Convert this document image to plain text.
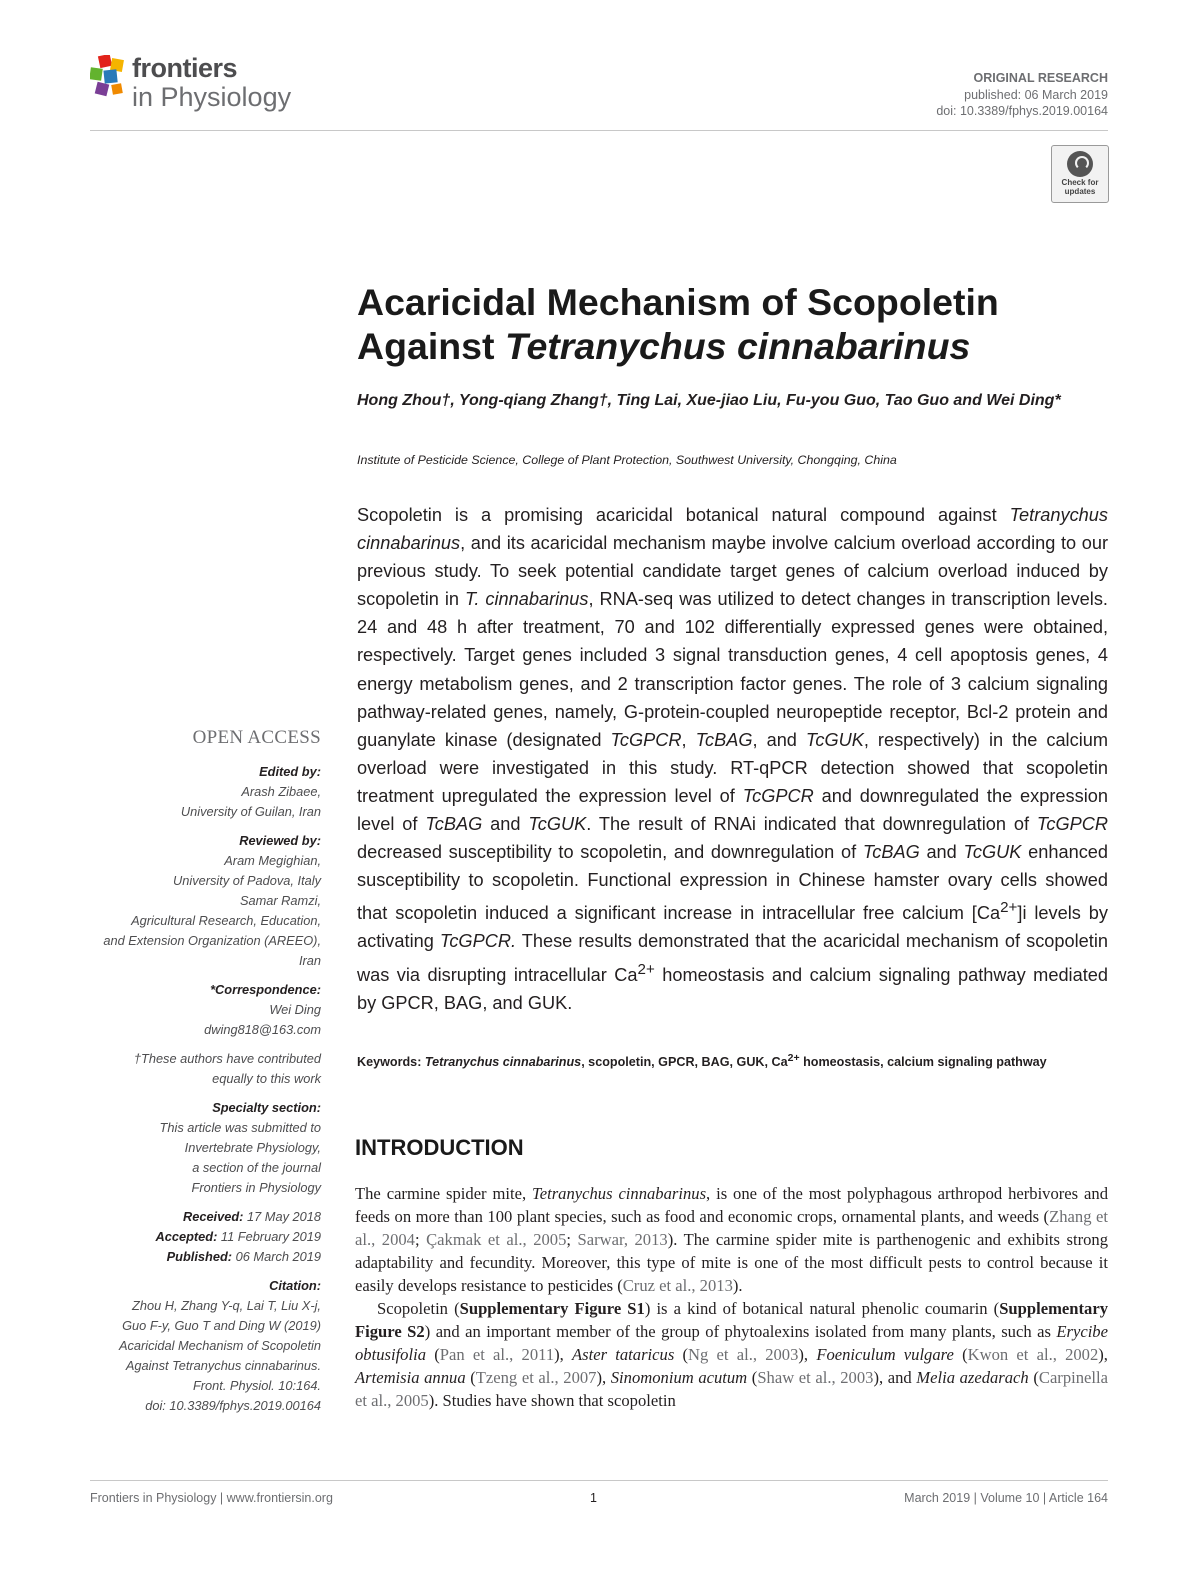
frontiers
in Physiology
ORIGINAL RESEARCH
published: 06 March 2019
doi: 10.3389/fphys.2019.00164
Check for
updates
Acaricidal Mechanism of Scopoletin
Against Tetranychus cinnabarinus
Hong Zhou†, Yong-qiang Zhang†, Ting Lai, Xue-jiao Liu, Fu-you Guo, Tao Guo and Wei Ding*
Institute of Pesticide Science, College of Plant Protection, Southwest University, Chongqing, China

Scopoletin is a promising acaricidal botanical natural compound against Tetranychus cinnabarinus, and its acaricidal mechanism maybe involve calcium overload according to our previous study. To seek potential candidate target genes of calcium overload induced by scopoletin in T. cinnabarinus, RNA-seq was utilized to detect changes in transcription levels. 24 and 48 h after treatment, 70 and 102 differentially expressed genes were obtained, respectively. Target genes included 3 signal transduction genes, 4 cell apoptosis genes, 4 energy metabolism genes, and 2 transcription factor genes. The role of 3 calcium signaling pathway-related genes, namely, G-protein-coupled neuropeptide receptor, Bcl-2 protein and guanylate kinase (designated TcGPCR, TcBAG, and TcGUK, respectively) in the calcium overload were investigated in this study. RT-qPCR detection showed that scopoletin treatment upregulated the expression level of TcGPCR and downregulated the expression level of TcBAG and TcGUK. The result of RNAi indicated that downregulation of TcGPCR decreased susceptibility to scopoletin, and downregulation of TcBAG and TcGUK enhanced susceptibility to scopoletin. Functional expression in Chinese hamster ovary cells showed that scopoletin induced a significant increase in intracellular free calcium $[Ca^{2+}]i$ levels by activating TcGPCR. These results demonstrated that the acaricidal mechanism of scopoletin was via disrupting intracellular $Ca^{2+}$ homeostasis and calcium signaling pathway mediated by GPCR, BAG, and GUK.

Keywords: Tetranychus cinnabarinus, scopoletin, GPCR, BAG, GUK, $Ca^{2+}$ homeostasis, calcium signaling pathway

INTRODUCTION

The carmine spider mite, Tetranychus cinnabarinus, is one of the most polyphagous arthropod herbivores and feeds on more than 100 plant species, such as food and economic crops, ornamental plants, and weeds (Zhang et al., 2004; Çakmak et al., 2005; Sarwar, 2013). The carmine spider mite is parthenogenic and exhibits strong adaptability and fecundity. Moreover, this type of mite is one of the most difficult pests to control because it easily develops resistance to pesticides (Cruz et al., 2013).

Scopoletin (Supplementary Figure S1) is a kind of botanical natural phenolic coumarin (Supplementary Figure S2) and an important member of the group of phytoalexins isolated from many plants, such as Erycibe obtusifolia (Pan et al., 2011), Aster tataricus (Ng et al., 2003), Foeniculum vulgare (Kwon et al., 2002), Artemisia annua (Tzeng et al., 2007), Sinomonium acutum (Shaw et al., 2003), and Melia azedarach (Carpinella et al., 2005). Studies have shown that scopoletin

OPEN ACCESS
Edited by:
Arash Zibaee,
University of Guilan, Iran
Reviewed by:
Aram Megighian,
University of Padova, Italy
Samar Ramzi,
Agricultural Research, Education,
and Extension Organization (AREEO),
Iran
*Correspondence:
Wei Ding
dwing818@163.com
†These authors have contributed
equally to this work
Specialty section:
This article was submitted to
Invertebrate Physiology,
a section of the journal
Frontiers in Physiology
Received: 17 May 2018
Accepted: 11 February 2019
Published: 06 March 2019
Citation:
Zhou H, Zhang Y-q, Lai T, Liu X-j,
Guo F-y, Guo T and Ding W (2019)
Acaricidal Mechanism of Scopoletin
Against Tetranychus cinnabarinus.
Front. Physiol. 10:164.
doi: 10.3389/fphys.2019.00164
Frontiers in Physiology | www.frontiersin.org	1	March 2019 | Volume 10 | Article 164
